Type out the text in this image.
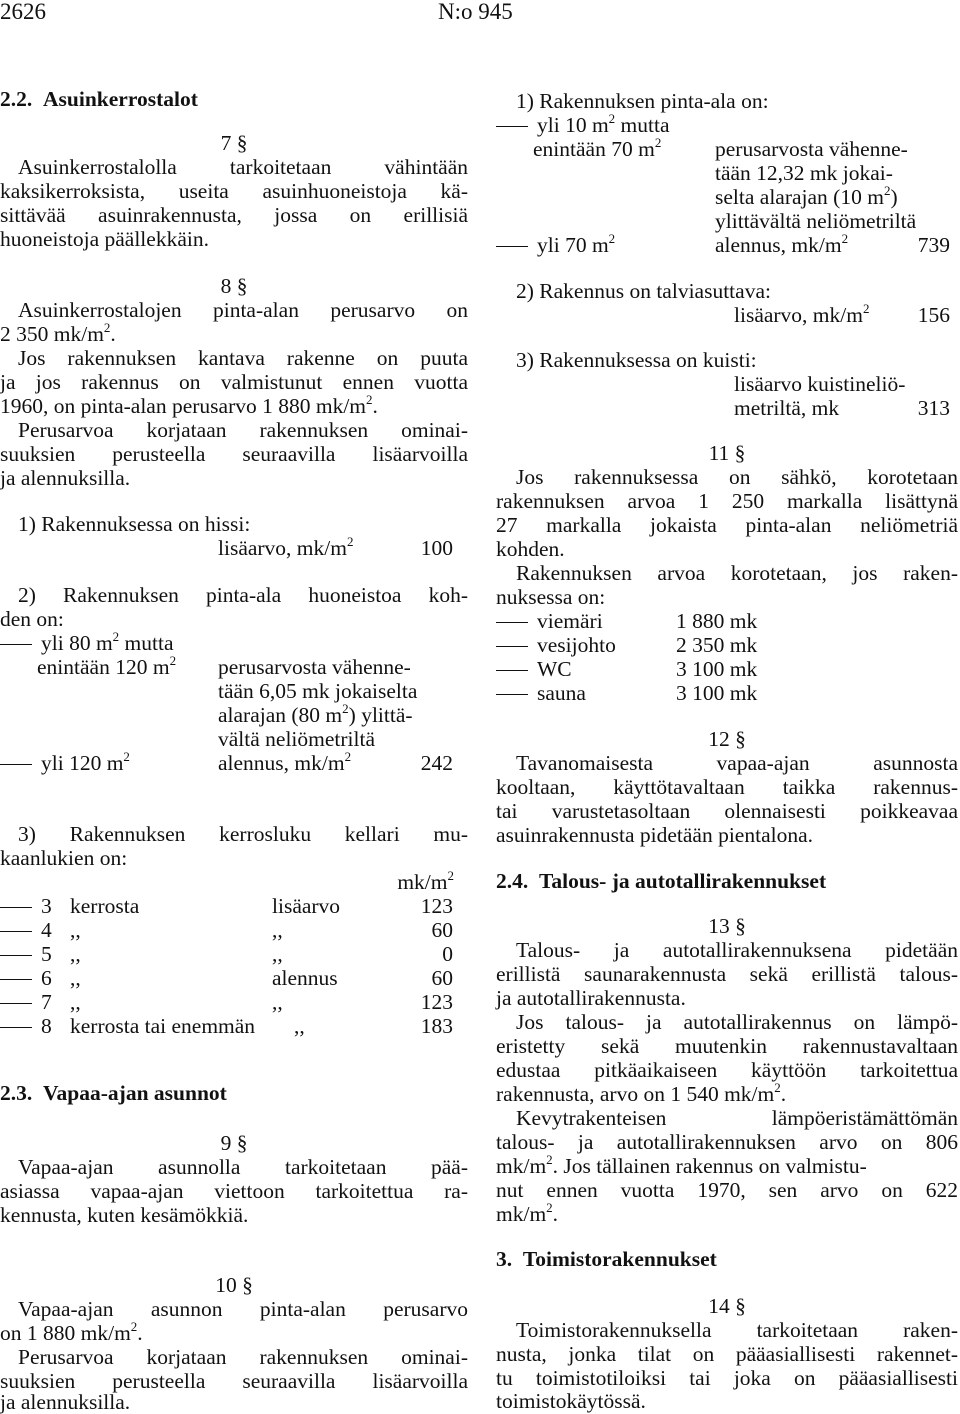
2626	N:o 945
2.2. Asuinkerrostalot
7 §
Asuinkerrostalolla tarkoitetaan vähintään
kaksikerroksista, useita asuinhuoneistoja kä-
sittävää asuinrakennusta, jossa on erillisiä
huoneistoja päällekkäin.
8 §
Asuinkerrostalojen pinta-alan perusarvo on
2 350 $mk/m^2$.
Jos rakennuksen kantava rakenne on puuta
ja jos rakennus on valmistunut ennen vuotta
1960, on pinta-alan perusarvo 1 880 $mk/m^2$.
Perusarvoa korjataan rakennuksen ominai-
suuksien perusteella seuraavilla lisäarvoilla
ja alennuksilla.
1) Rakennuksessa on hissi:
lisäarvo, $mk/m^2$	100
2) Rakennuksen pinta-ala huoneistoa koh-
den on:
yli 80 $m^2$ mutta
enintään 120 $m^2$ perusarvosta vähenne-
tään 6,05 mk jokaiselta
alarajan (80 $m^2$) ylittä-
vältä neliömetriltä
yli 120 $m^2$	alennus, $mk/m^2$	242
3) Rakennuksen kerrosluku kellari mu-
kaanlukien on:
$mk/m^2$
3 kerrosta	lisäarvo	123
4 ,,	,,	60
5 ,,	,,	0
6 ,,	alennus	60
7 ,,	,,	123
8 kerrosta tai enemmän ,,	183
2.3. Vapaa-ajan asunnot
9 §
Vapaa-ajan asunnolla tarkoitetaan pää-
asiassa vapaa-ajan viettoon tarkoitettua ra-
kennusta, kuten kesämökkiä.
10 §
Vapaa-ajan asunnon pinta-alan perusarvo
on 1 880 $mk/m^2$.
Perusarvoa korjataan rakennuksen ominai-
suuksien perusteella seuraavilla lisäarvoilla
ja alennuksilla.
1) Rakennuksen pinta-ala on:
yli 10 $m^2$ mutta
enintään 70 $m^2$ perusarvosta vähenne-
tään 12,32 mk jokai-
selta alarajan (10 $m^2$)
ylittävältä neliömetriltä
yli 70 $m^2$	alennus, $mk/m^2$	739
2) Rakennus on talviasuttava:
lisäarvo, $mk/m^2$ 156
3) Rakennuksessa on kuisti:
lisäarvo kuistineliö-
metriltä, mk	313
11 §
Jos rakennuksessa on sähkö, korotetaan
rakennuksen arvoa 1 250 markalla lisättynä
27 markalla jokaista pinta-alan neliömetriä
kohden.
Rakennuksen arvoa korotetaan, jos raken-
nuksessa on:
viemäri	1 880 mk
vesijohto	2 350 mk
WC	3 100 mk
sauna	3 100 mk
12 §
Tavanomaisesta vapaa-ajan asunnosta
kooltaan, käyttötavaltaan taikka rakennus-
tai varustetasoltaan olennaisesti poikkeavaa
asuinrakennusta pidetään pientalona.
2.4. Talous- ja autotallirakennukset
13 §
Talous- ja autotallirakennuksena pidetään
erillistä saunarakennusta sekä erillistä talous-
ja autotallirakennusta.
Jos talous- ja autotallirakennus on lämpö-
eristetty sekä muutenkin rakennustavaltaan
edustaa pitkäaikaiseen käyttöön tarkoitettua
rakennusta, arvo on 1 540 $mk/m^2$.
Kevytrakenteisen lämpöeristämättömän
talous- ja autotallirakennuksen arvo on 806
$mk/m^2$. Jos tällainen rakennus on valmistu-
nut ennen vuotta 1970, sen arvo on 622
$mk/m^2$.
3. Toimistorakennukset
14 §
Toimistorakennuksella tarkoitetaan raken-
nusta, jonka tilat on pääasiallisesti rakennet-
tu toimistotiloiksi tai joka on pääasiallisesti
toimistokäytössä.
